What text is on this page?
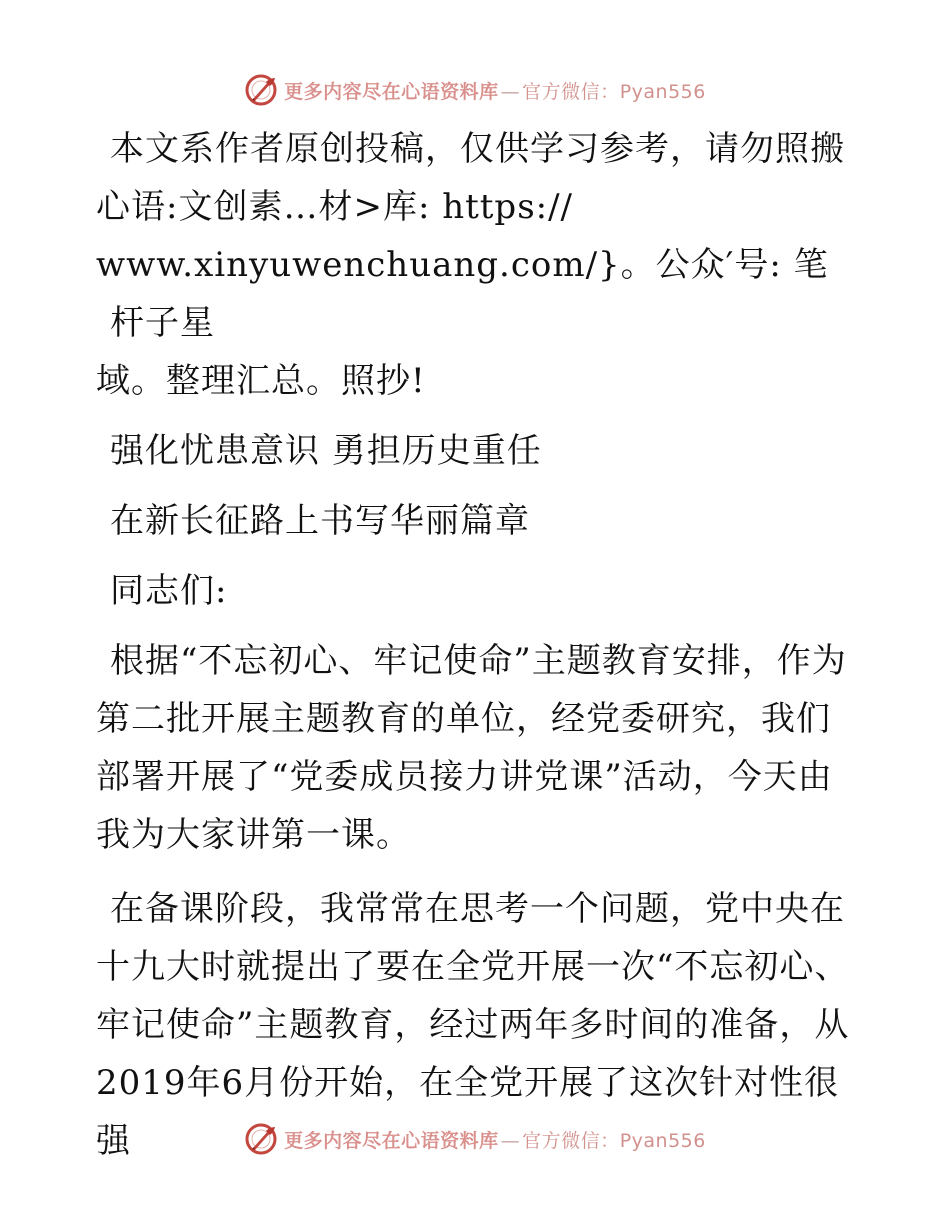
更多内容尽在心语资料库 — 官方微信：Pyan556

本文系作者原创投稿，仅供学习参考，请勿照搬
心语:文创素…材>库: https://
www.xinyuwenchuang.com/}。公众′号: 笔杆子星
域。整理汇总。照抄!

强化忧患意识 勇担历史重任

在新长征路上书写华丽篇章

同志们:

根据“不忘初心、牢记使命”主题教育安排，作为第二批开展主题教育的单位，经党委研究，我们部署开展了“党委成员接力讲党课”活动，今天由我为大家讲第一课。

在备课阶段，我常常在思考一个问题，党中央在十九大时就提出了要在全党开展一次“不忘初心、牢记使命”主题教育，经过两年多时间的准备，从2019年6月份开始，在全党开展了这次针对性很强	更多内容尽在心语资料库 — 官方微信：Pyan556
